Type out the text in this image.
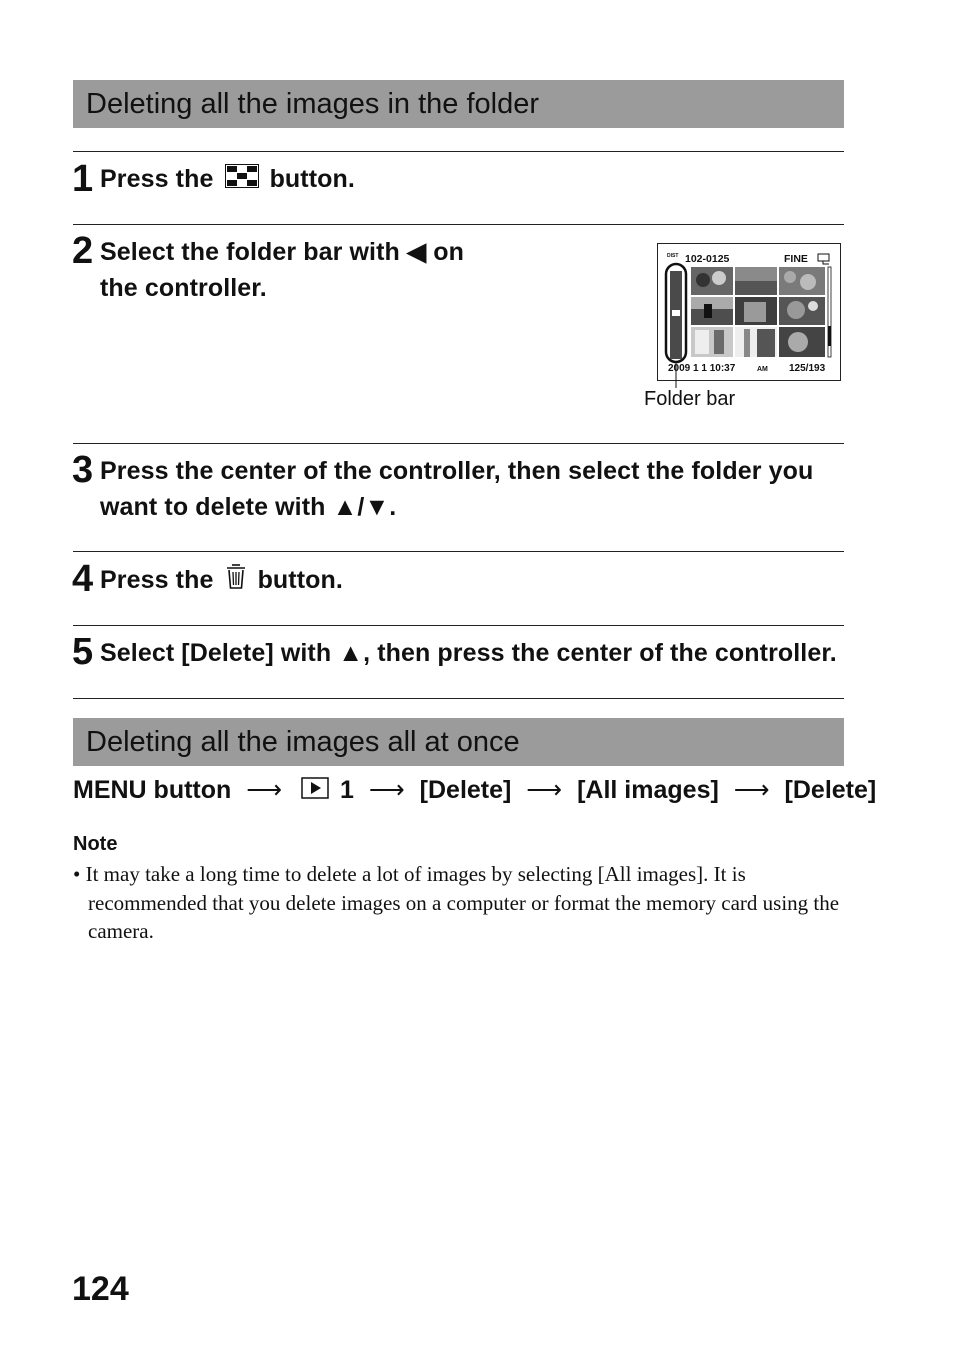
Deleting all the images in the folder
1 Press the button.
2 Select the folder bar with ◀ on
the controller.
DIST 102-0125	FINE
2009 1 1 10:37	AM 125/193
Folder bar
3 Press the center of the controller, then select the folder you
want to delete with ▲/▼.
4 Press the button.
5 Select [Delete] with ▲, then press the center of the controller.
Deleting all the images all at once
MENU button ⟶ 1 ⟶ [Delete] ⟶ [All images] ⟶ [Delete]
Note
• It may take a long time to delete a lot of images by selecting [All images]. It is recommended that you delete images on a computer or format the memory card using the camera.
124
